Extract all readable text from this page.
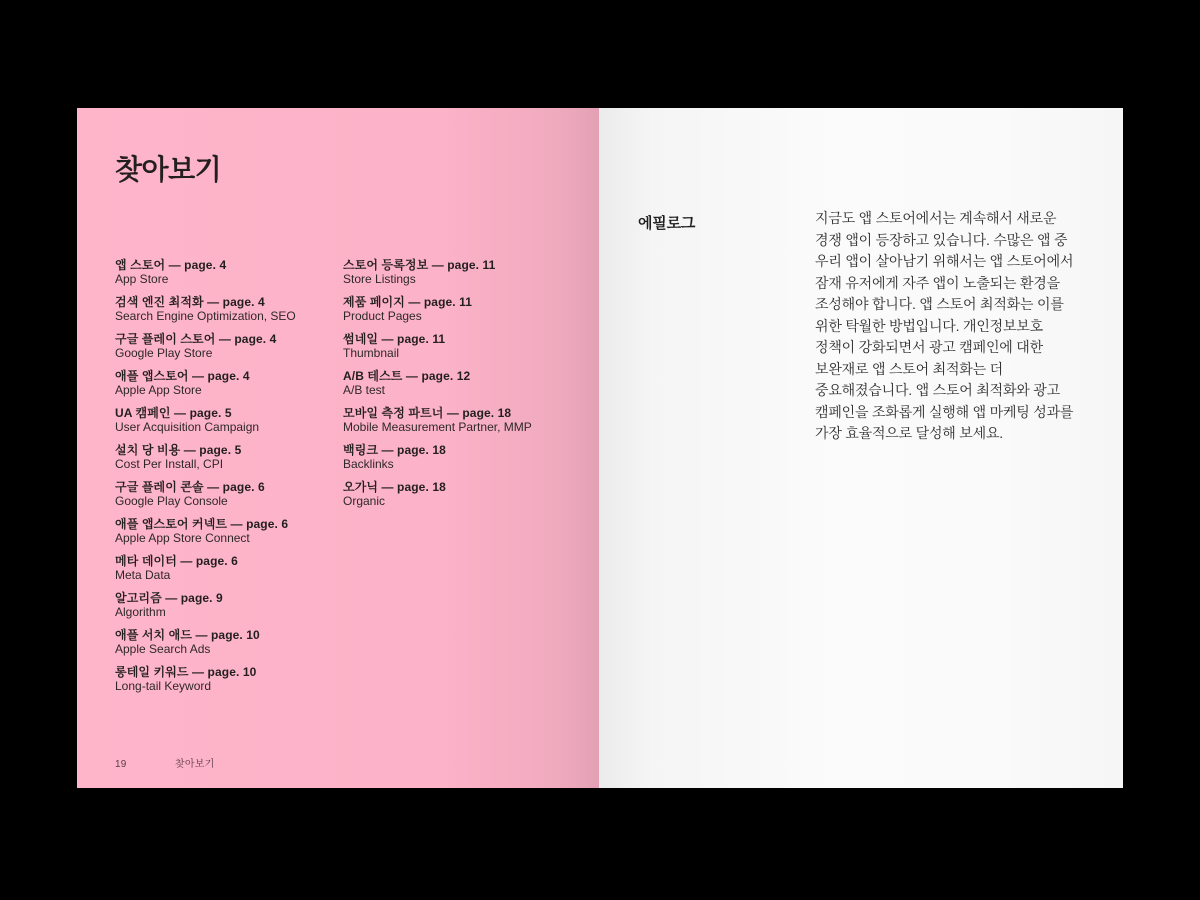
찾아보기
앱 스토어 — page. 4
App Store
검색 엔진 최적화 — page. 4
Search Engine Optimization, SEO
구글 플레이 스토어 — page. 4
Google Play Store
애플 앱스토어 — page. 4
Apple App Store
UA 캠페인 — page. 5
User Acquisition Campaign
설치 당 비용 — page. 5
Cost Per Install, CPI
구글 플레이 콘솔 — page. 6
Google Play Console
애플 앱스토어 커넥트 — page. 6
Apple App Store Connect
메타 데이터 — page. 6
Meta Data
알고리즘 — page. 9
Algorithm
애플 서치 애드 — page. 10
Apple Search Ads
롱테일 키워드 — page. 10
Long-tail Keyword
스토어 등록정보 — page. 11
Store Listings
제품 페이지 — page. 11
Product Pages
썸네일 — page. 11
Thumbnail
A/B 테스트 — page. 12
A/B test
모바일 측정 파트너 — page. 18
Mobile Measurement Partner, MMP
백링크 — page. 18
Backlinks
오가닉 — page. 18
Organic
19	찾아보기
에필로그	지금도 앱 스토어에서는 계속해서 새로운 경쟁 앱이 등장하고 있습니다. 수많은 앱 중 우리 앱이 살아남기 위해서는 앱 스토어에서 잠재 유저에게 자주 앱이 노출되는 환경을 조성해야 합니다. 앱 스토어 최적화는 이를 위한 탁월한 방법입니다. 개인정보보호 정책이 강화되면서 광고 캠페인에 대한 보완재로 앱 스토어 최적화는 더 중요해졌습니다. 앱 스토어 최적화와 광고 캠페인을 조화롭게 실행해 앱 마케팅 성과를 가장 효율적으로 달성해 보세요.
